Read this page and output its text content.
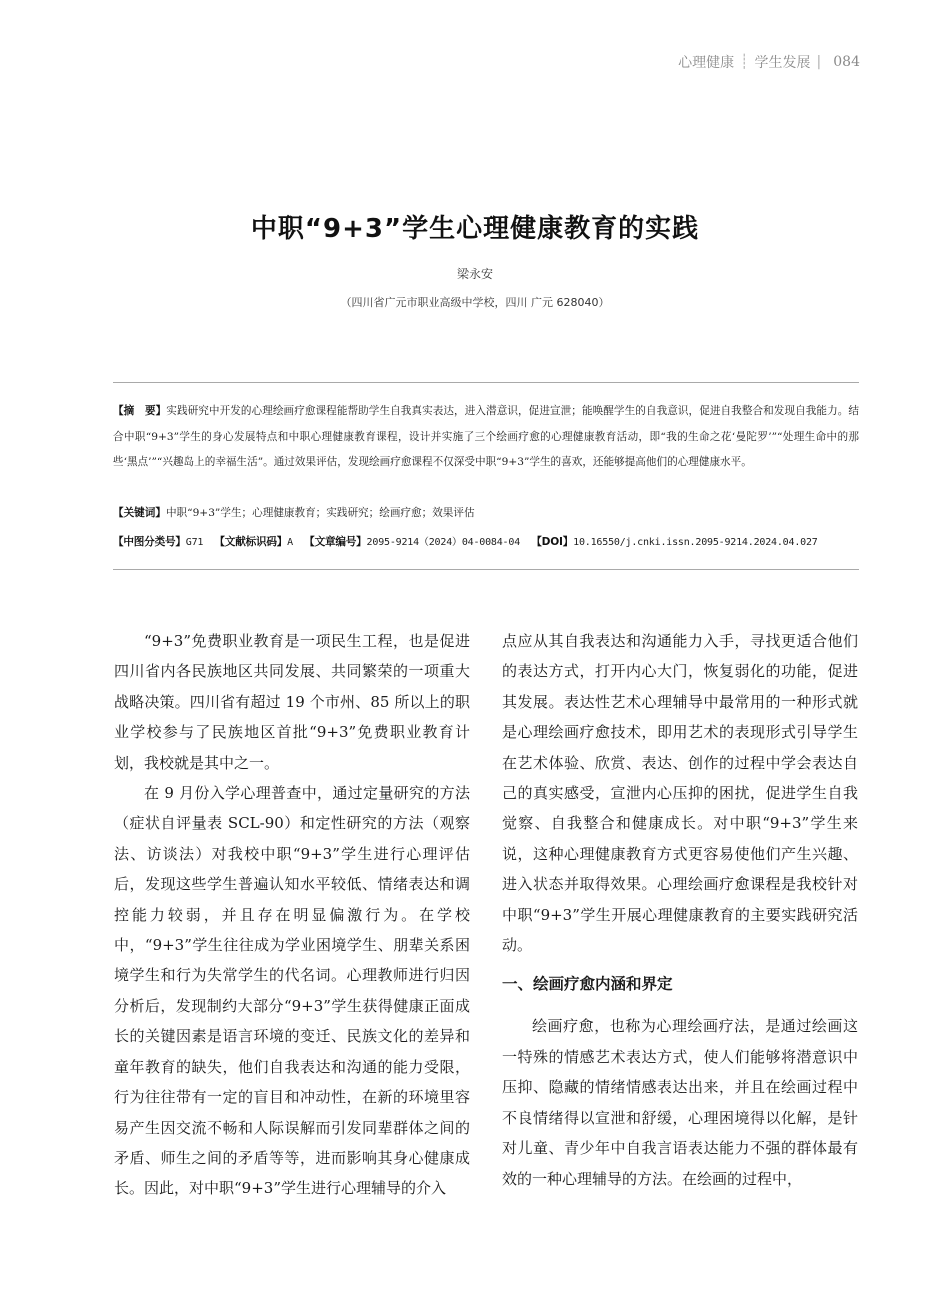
心理健康 ┊ 学生发展 | 084
中职“9+3”学生心理健康教育的实践
梁永安
（四川省广元市职业高级中学校，四川 广元 628040）
【摘　要】实践研究中开发的心理绘画疗愈课程能帮助学生自我真实表达，进入潜意识，促进宣泄；能唤醒学生的自我意识，促进自我整合和发现自我能力。结合中职“9+3”学生的身心发展特点和中职心理健康教育课程，设计并实施了三个绘画疗愈的心理健康教育活动，即“我的生命之花‘曼陀罗’”“处理生命中的那些‘黑点’”“兴趣岛上的幸福生活”。通过效果评估，发现绘画疗愈课程不仅深受中职“9+3”学生的喜欢，还能够提高他们的心理健康水平。
【关键词】中职“9+3”学生；心理健康教育；实践研究；绘画疗愈；效果评估
【中图分类号】G71 【文献标识码】A 【文章编号】2095-9214（2024）04-0084-04 【DOI】10.16550/j.cnki.issn.2095-9214.2024.04.027

“9+3”免费职业教育是一项民生工程，也是促进四川省内各民族地区共同发展、共同繁荣的一项重大战略决策。四川省有超过 19 个市州、85 所以上的职业学校参与了民族地区首批“9+3”免费职业教育计划，我校就是其中之一。

在 9 月份入学心理普查中，通过定量研究的方法（症状自评量表 SCL-90）和定性研究的方法（观察法、访谈法）对我校中职“9+3”学生进行心理评估后，发现这些学生普遍认知水平较低、情绪表达和调控能力较弱，并且存在明显偏激行为。在学校中，“9+3”学生往往成为学业困境学生、朋辈关系困境学生和行为失常学生的代名词。心理教师进行归因分析后，发现制约大部分“9+3”学生获得健康正面成长的关键因素是语言环境的变迁、民族文化的差异和童年教育的缺失，他们自我表达和沟通的能力受限，行为往往带有一定的盲目和冲动性，在新的环境里容易产生因交流不畅和人际误解而引发同辈群体之间的矛盾、师生之间的矛盾等等，进而影响其身心健康成长。因此，对中职“9+3”学生进行心理辅导的介入

点应从其自我表达和沟通能力入手，寻找更适合他们的表达方式，打开内心大门，恢复弱化的功能，促进其发展。表达性艺术心理辅导中最常用的一种形式就是心理绘画疗愈技术，即用艺术的表现形式引导学生在艺术体验、欣赏、表达、创作的过程中学会表达自己的真实感受，宣泄内心压抑的困扰，促进学生自我觉察、自我整合和健康成长。对中职“9+3”学生来说，这种心理健康教育方式更容易使他们产生兴趣、进入状态并取得效果。心理绘画疗愈课程是我校针对中职“9+3”学生开展心理健康教育的主要实践研究活动。

一、绘画疗愈内涵和界定

绘画疗愈，也称为心理绘画疗法，是通过绘画这一特殊的情感艺术表达方式，使人们能够将潜意识中压抑、隐藏的情绪情感表达出来，并且在绘画过程中不良情绪得以宣泄和舒缓，心理困境得以化解，是针对儿童、青少年中自我言语表达能力不强的群体最有效的一种心理辅导的方法。在绘画的过程中，
